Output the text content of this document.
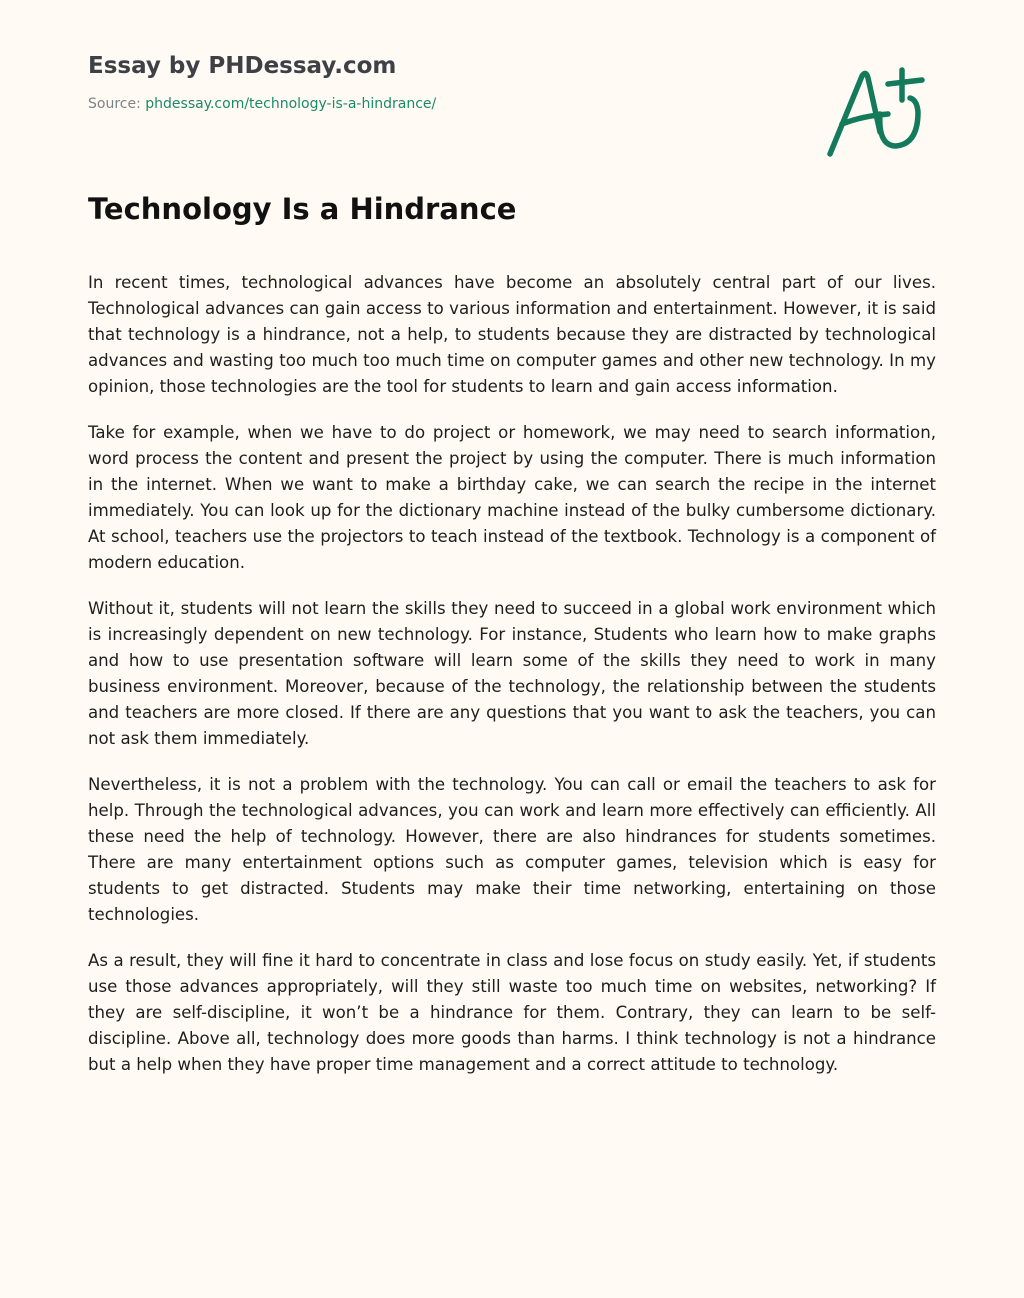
Essay by PHDessay.com
Source: phdessay.com/technology-is-a-hindrance/
Technology Is a Hindrance

In recent times, technological advances have become an absolutely central part of our lives. Technological advances can gain access to various information and entertainment. However, it is said that technology is a hindrance, not a help, to students because they are distracted by technological advances and wasting too much too much time on computer games and other new technology. In my opinion, those technologies are the tool for students to learn and gain access information.

Take for example, when we have to do project or homework, we may need to search information, word process the content and present the project by using the computer. There is much information in the internet. When we want to make a birthday cake, we can search the recipe in the internet immediately. You can look up for the dictionary machine instead of the bulky cumbersome dictionary. At school, teachers use the projectors to teach instead of the textbook. Technology is a component of modern education.

Without it, students will not learn the skills they need to succeed in a global work environment which is increasingly dependent on new technology. For instance, Students who learn how to make graphs and how to use presentation software will learn some of the skills they need to work in many business environment. Moreover, because of the technology, the relationship between the students and teachers are more closed. If there are any questions that you want to ask the teachers, you can not ask them immediately.

Nevertheless, it is not a problem with the technology. You can call or email the teachers to ask for help. Through the technological advances, you can work and learn more effectively can efficiently. All these need the help of technology. However, there are also hindrances for students sometimes. There are many entertainment options such as computer games, television which is easy for students to get distracted. Students may make their time networking, entertaining on those technologies.

As a result, they will fine it hard to concentrate in class and lose focus on study easily. Yet, if students use those advances appropriately, will they still waste too much time on websites, networking? If they are self-discipline, it won’t be a hindrance for them. Contrary, they can learn to be self-discipline. Above all, technology does more goods than harms. I think technology is not a hindrance but a help when they have proper time management and a correct attitude to technology.
